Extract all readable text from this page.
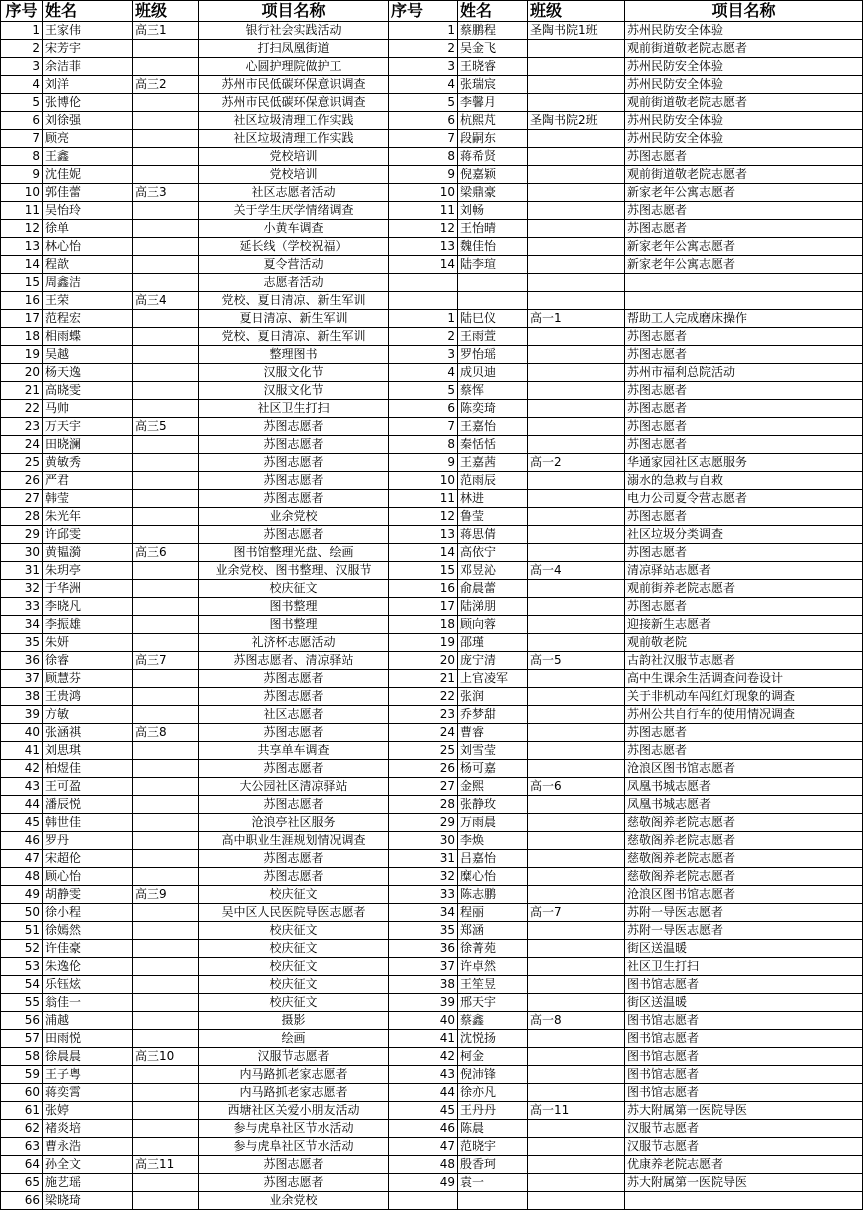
序号	姓名	班级	项目名称	序号	姓名	班级	项目名称
1	王家伟	高三1	银行社会实践活动	1	蔡鹏程	圣陶书院1班	苏州民防安全体验
2	宋芳宇		打扫凤凰街道	2	吴金飞		观前街道敬老院志愿者
3	余洁菲		心圆护理院做护工	3	王晓睿		苏州民防安全体验
4	刘洋	高三2	苏州市民低碳环保意识调查	4	张瑞宸		苏州民防安全体验
5	张博伦		苏州市民低碳环保意识调查	5	李馨月		观前街道敬老院志愿者
6	刘徐强		社区垃圾清理工作实践	6	杭熙芃	圣陶书院2班	苏州民防安全体验
7	顾亮		社区垃圾清理工作实践	7	段嗣东		苏州民防安全体验
8	王鑫		党校培训	8	蒋希贤		苏图志愿者
9	沈佳妮		党校培训	9	倪嘉颖		观前街道敬老院志愿者
10	郭佳蕾	高三3	社区志愿者活动	10	梁鼎豪		新家老年公寓志愿者
11	吴怡玲		关于学生厌学情绪调查	11	刘畅		苏图志愿者
12	徐单		小黄车调查	12	王怡晴		苏图志愿者
13	林心怡		延长线（学校祝福）	13	魏佳怡		新家老年公寓志愿者
14	程歆		夏令营活动	14	陆李瑄		新家老年公寓志愿者
15	周鑫洁		志愿者活动				
16	王荣	高三4	党校、夏日清凉、新生军训				
17	范程宏		夏日清凉、新生军训	1	陆巳仪	高一1	帮助工人完成磨床操作
18	相雨蝶		党校、夏日清凉、新生军训	2	王雨萱		苏图志愿者
19	吴越		整理图书	3	罗怡瑶		苏图志愿者
20	杨天逸		汉服文化节	4	成贝迪		苏州市福利总院活动
21	高晓雯		汉服文化节	5	蔡恽		苏图志愿者
22	马帅		社区卫生打扫	6	陈奕琦		苏图志愿者
23	万天宇	高三5	苏图志愿者	7	王嘉怡		苏图志愿者
24	田晓澜		苏图志愿者	8	秦恬恬		苏图志愿者
25	黄敏秀		苏图志愿者	9	王嘉茜	高一2	华通家园社区志愿服务
26	严君		苏图志愿者	10	范雨辰		溺水的急救与自救
27	韩莹		苏图志愿者	11	林进		电力公司夏令营志愿者
28	朱光年		业余党校	12	鲁莹		苏图志愿者
29	许邱雯		苏图志愿者	13	蒋思倩		社区垃圾分类调查
30	黄韫漪	高三6	图书馆整理光盘、绘画	14	高依宁		苏图志愿者
31	朱玥亭		业余党校、图书整理、汉服节	15	邓昱沁	高一4	清凉驿站志愿者
32	于华洲		校庆征文	16	俞晨蕾		观前街养老院志愿者
33	李晓凡		图书整理	17	陆涕朋		苏图志愿者
34	李振雄		图书整理	18	顾向蓉		迎接新生志愿者
35	朱妍		礼济杯志愿活动	19	邵瑾		观前敬老院
36	徐睿	高三7	苏图志愿者、清凉驿站	20	庞宁清	高一5	古韵社汉服节志愿者
37	顾慧芬		苏图志愿者	21	上官凌军		高中生课余生活调查问卷设计
38	王贵鸿		苏图志愿者	22	张润		关于非机动车闯红灯现象的调查
39	方敏		社区志愿者	23	乔梦甜		苏州公共自行车的使用情况调查
40	张涵祺	高三8	苏图志愿者	24	曹睿		苏图志愿者
41	刘思琪		共享单车调查	25	刘雪莹		苏图志愿者
42	柏煜佳		苏图志愿者	26	杨可嘉		沧浪区图书馆志愿者
43	王可盈		大公园社区清凉驿站	27	金熙	高一6	凤凰书城志愿者
44	潘辰悦		苏图志愿者	28	张静玫		凤凰书城志愿者
45	韩世佳		沧浪亭社区服务	29	万雨晨		慈敬阁养老院志愿者
46	罗丹		高中职业生涯规划情况调查	30	李焕		慈敬阁养老院志愿者
47	宋超伦		苏图志愿者	31	吕嘉怡		慈敬阁养老院志愿者
48	顾心怡		苏图志愿者	32	糜心怡		慈敬阁养老院志愿者
49	胡静雯	高三9	校庆征文	33	陈志鹏		沧浪区图书馆志愿者
50	徐小程		吴中区人民医院导医志愿者	34	程丽	高一7	苏附一导医志愿者
51	徐嫣然		校庆征文	35	郑涵		苏附一导医志愿者
52	许佳豪		校庆征文	36	徐菁苑		街区送温暖
53	朱逸伦		校庆征文	37	许卓然		社区卫生打扫
54	乐钰炫		校庆征文	38	王笙昱		图书馆志愿者
55	翁佳一		校庆征文	39	邢天宇		街区送温暖
56	浦越		摄影	40	蔡鑫	高一8	图书馆志愿者
57	田雨悦		绘画	41	沈悦扬		图书馆志愿者
58	徐晨晨	高三10	汉服节志愿者	42	柯金		图书馆志愿者
59	王子粤		内马路抓老家志愿者	43	倪沛锋		图书馆志愿者
60	蒋奕霄		内马路抓老家志愿者	44	徐亦凡		图书馆志愿者
61	张婷		西塘社区关爱小朋友活动	45	王丹丹	高一11	苏大附属第一医院导医
62	褚炎培		参与虎阜社区节水活动	46	陈晨		汉服节志愿者
63	曹永浩		参与虎阜社区节水活动	47	范晓宇		汉服节志愿者
64	孙全文	高三11	苏图志愿者	48	殷香珂		优康养老院志愿者
65	施艺瑶		苏图志愿者	49	袁一		苏大附属第一医院导医
66	梁晓琦		业余党校				
